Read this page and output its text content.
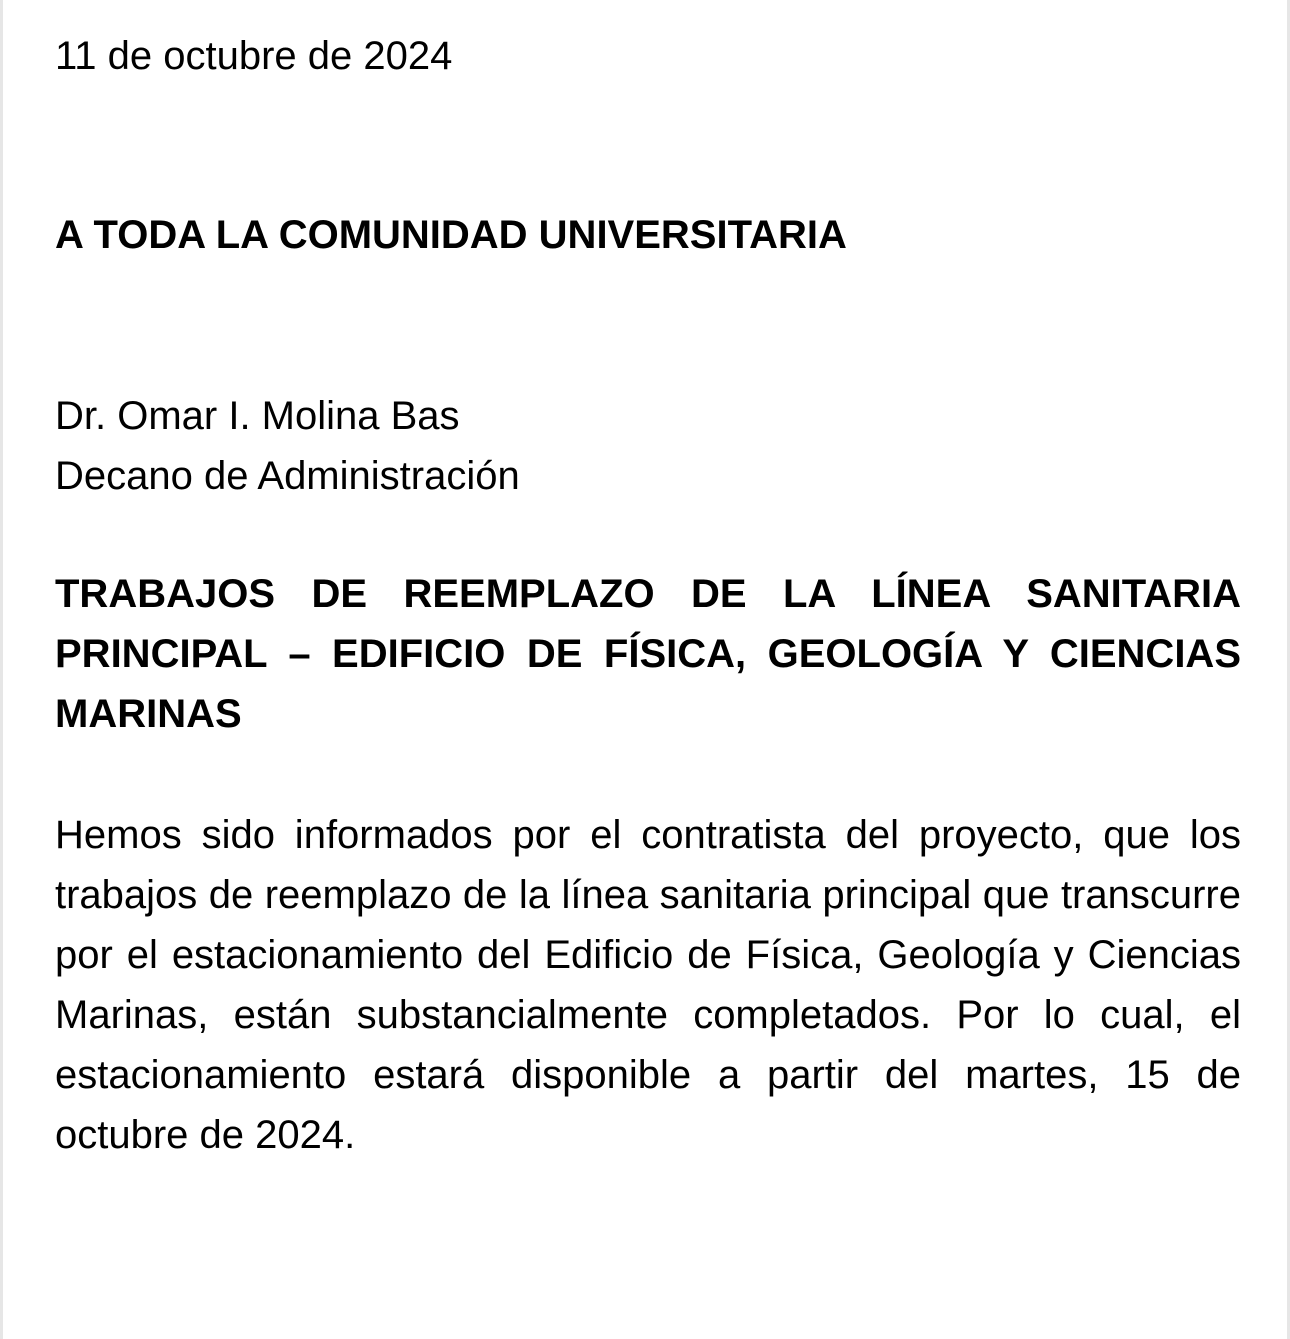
11 de octubre de 2024

A TODA LA COMUNIDAD UNIVERSITARIA

Dr. Omar I. Molina Bas
Decano de Administración

TRABAJOS DE REEMPLAZO DE LA LÍNEA SANITARIA PRINCIPAL – EDIFICIO DE FÍSICA, GEOLOGÍA Y CIENCIAS MARINAS

Hemos sido informados por el contratista del proyecto, que los trabajos de reemplazo de la línea sanitaria principal que transcurre por el estacionamiento del Edificio de Física, Geología y Ciencias Marinas, están substancialmente completados. Por lo cual, el estacionamiento estará disponible a partir del martes, 15 de octubre de 2024.
